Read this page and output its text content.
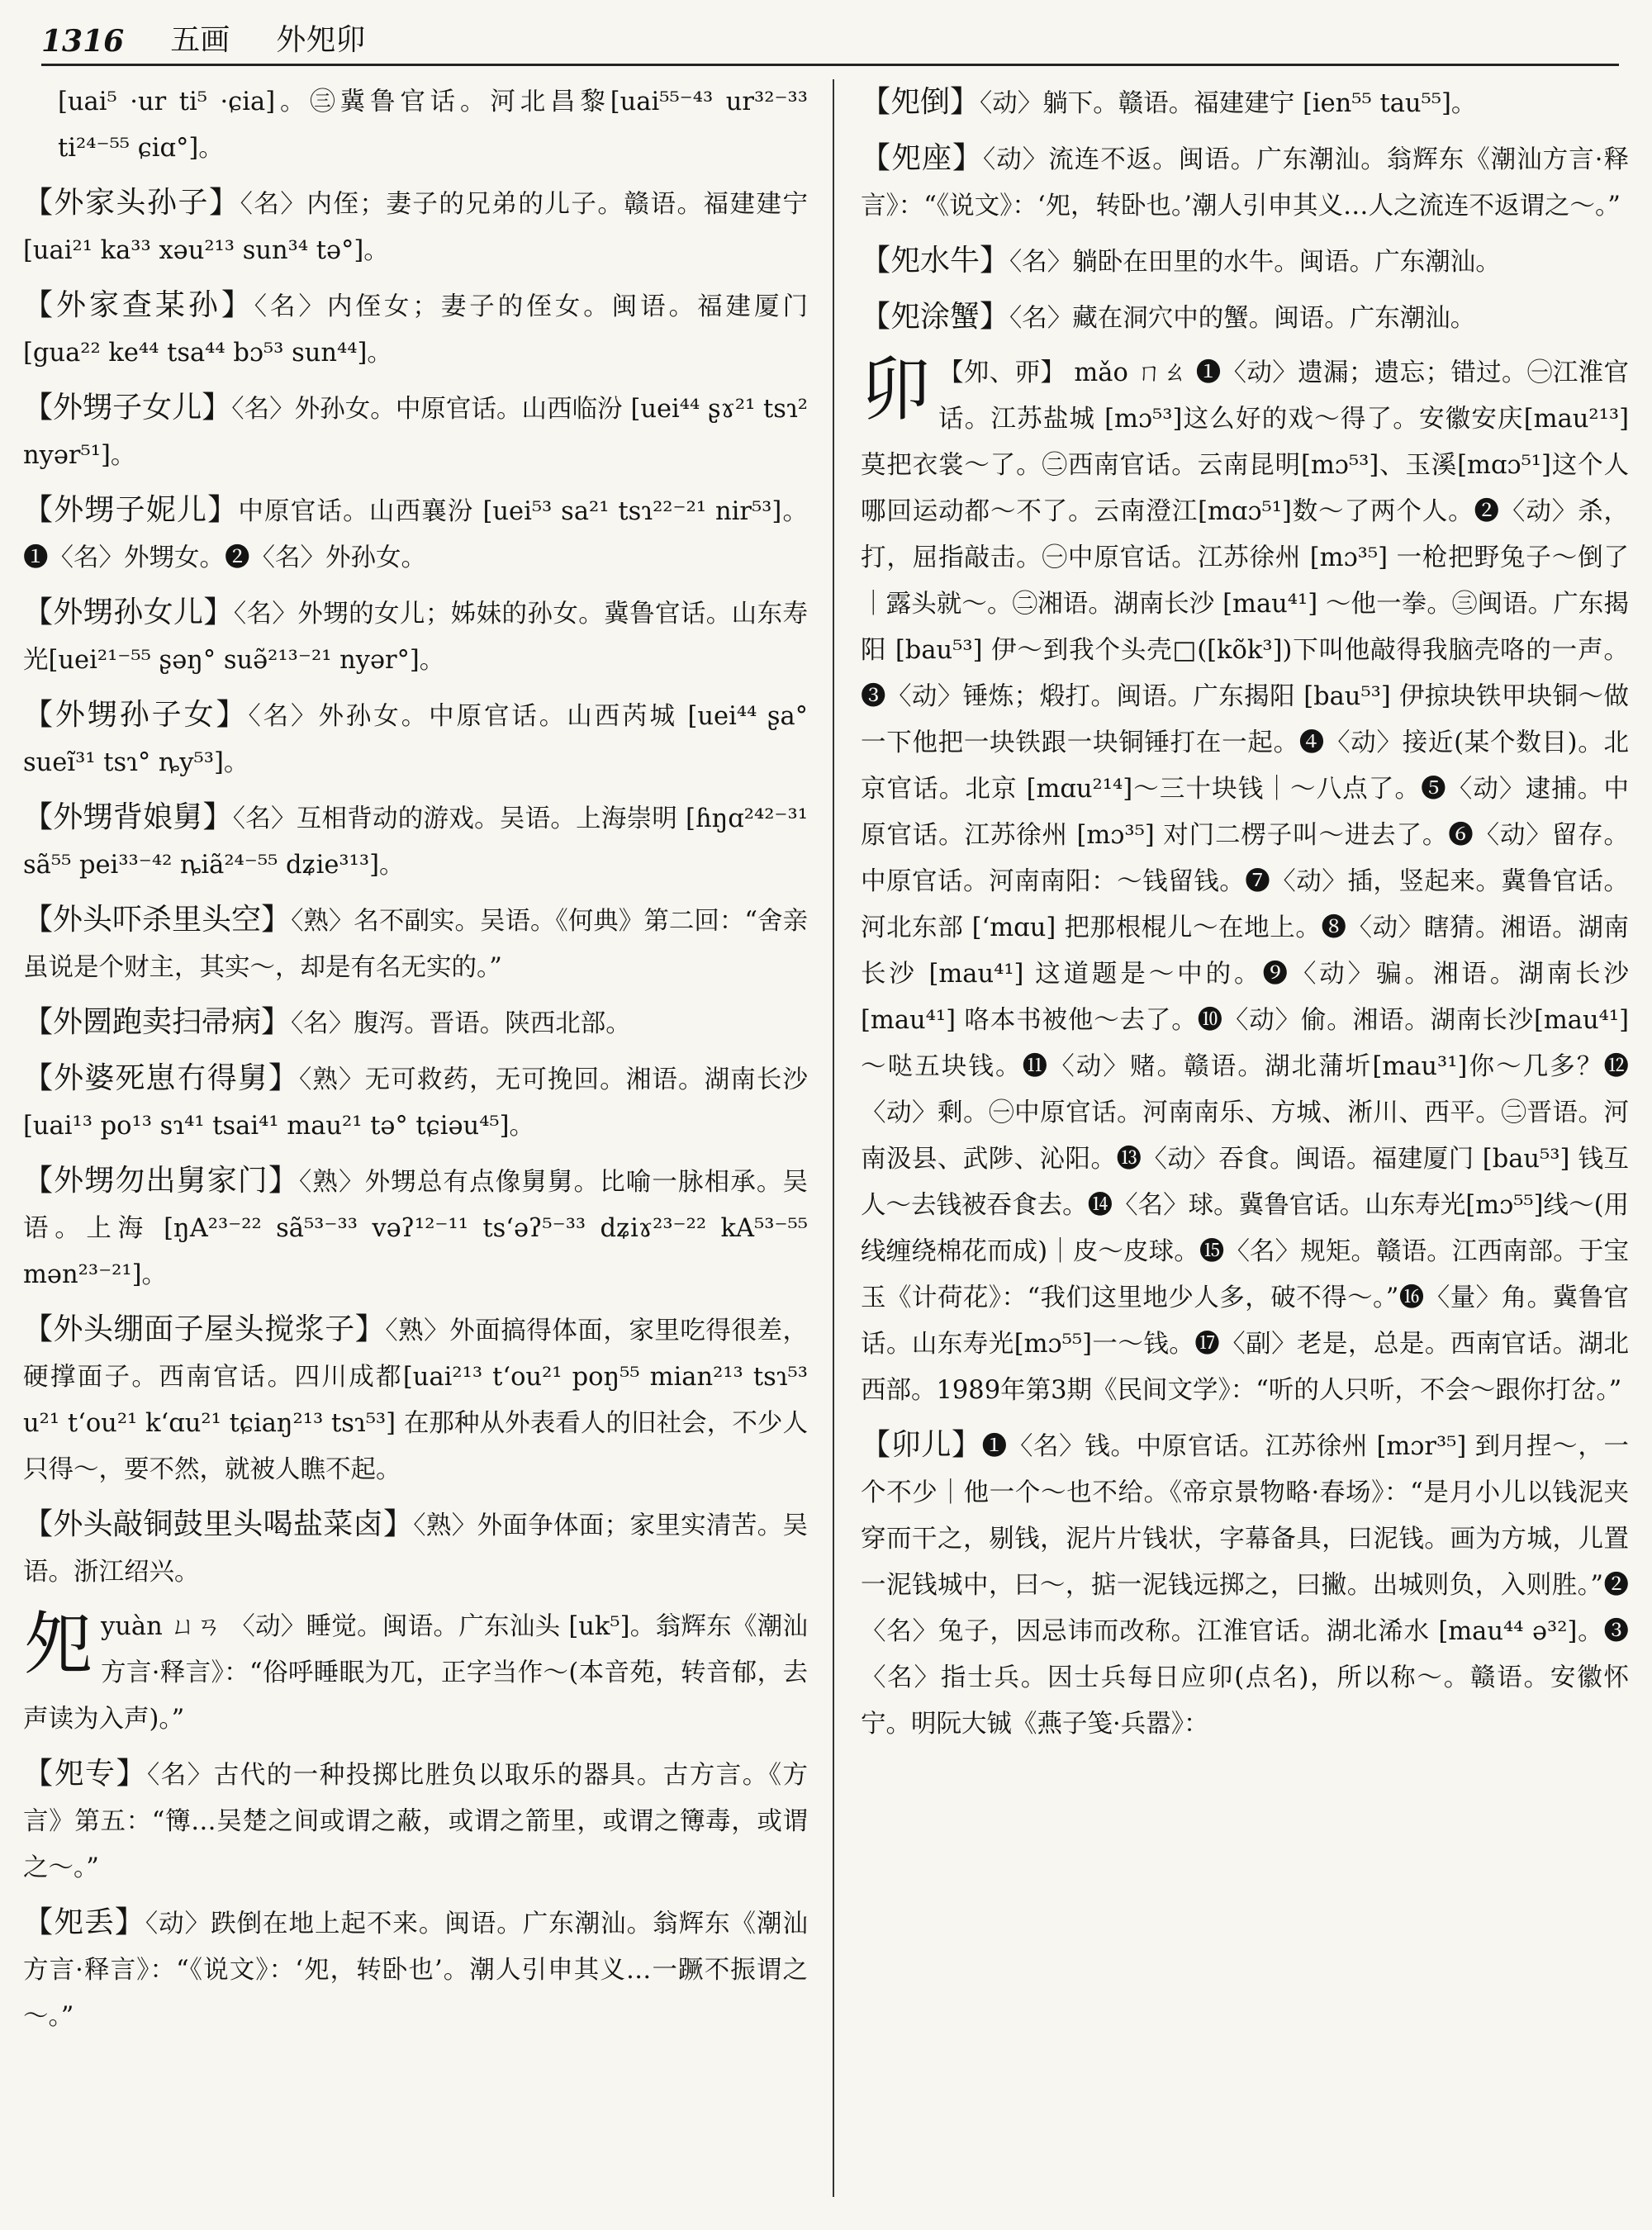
1316 五画 外夗卯
[uai⁵ ·ur ti⁵ ·ɕia]。㊂冀鲁官话。河北昌黎[uai⁵⁵⁻⁴³ ur³²⁻³³ ti²⁴⁻⁵⁵ ɕiɑ°]。
【外家头孙子】〈名〉内侄；妻子的兄弟的儿子。赣语。福建建宁 [uai²¹ ka³³ xəu²¹³ sun³⁴ tə°]。
【外家查某孙】〈名〉内侄女；妻子的侄女。闽语。福建厦门 [gua²² ke⁴⁴ tsa⁴⁴ bɔ⁵³ sun⁴⁴]。
【外甥子女儿】〈名〉外孙女。中原官话。山西临汾 [uei⁴⁴ ʂɤ²¹ tsɿ² nyər⁵¹]。
【外甥子妮儿】中原官话。山西襄汾 [uei⁵³ sa²¹ tsɿ²²⁻²¹ nir⁵³]。❶〈名〉外甥女。❷〈名〉外孙女。
【外甥孙女儿】〈名〉外甥的女儿；姊妹的孙女。冀鲁官话。山东寿光[uei²¹⁻⁵⁵ ʂəŋ° suə̃²¹³⁻²¹ nyər°]。
【外甥孙子女】〈名〉外孙女。中原官话。山西芮城 [uei⁴⁴ ʂa° sueĩ³¹ tsɿ° ȵy⁵³]。
【外甥背娘舅】〈名〉互相背动的游戏。吴语。上海崇明 [ɦŋɑ²⁴²⁻³¹ sã⁵⁵ pei³³⁻⁴² ȵiã²⁴⁻⁵⁵ dʑie³¹³]。
【外头吓杀里头空】〈熟〉名不副实。吴语。《何典》第二回：“舍亲虽说是个财主，其实～，却是有名无实的。”
【外圐跑卖扫帚病】〈名〉腹泻。晋语。陕西北部。
【外婆死崽冇得舅】〈熟〉无可救药，无可挽回。湘语。湖南长沙 [uai¹³ po¹³ sɿ⁴¹ tsai⁴¹ mau²¹ tə° tɕiəu⁴⁵]。
【外甥勿出舅家门】〈熟〉外甥总有点像舅舅。比喻一脉相承。吴语。上海 [ŋA²³⁻²² sã⁵³⁻³³ vəʔ¹²⁻¹¹ ts‘əʔ⁵⁻³³ dʑiɤ²³⁻²² kA⁵³⁻⁵⁵ mən²³⁻²¹]。
【外头绷面子屋头搅浆子】〈熟〉外面搞得体面，家里吃得很差，硬撑面子。西南官话。四川成都[uai²¹³ t‘ou²¹ poŋ⁵⁵ mian²¹³ tsɿ⁵³ u²¹ t‘ou²¹ k‘ɑu²¹ tɕiaŋ²¹³ tsɿ⁵³] 在那种从外表看人的旧社会，不少人只得～，要不然，就被人瞧不起。
【外头敲铜鼓里头喝盐菜卤】〈熟〉外面争体面；家里实清苦。吴语。浙江绍兴。
夗yuàn ㄩㄢ 〈动〉睡觉。闽语。广东汕头 [uk⁵]。翁辉东《潮汕方言·释言》：“俗呼睡眠为兀，正字当作～(本音苑，转音郁，去声读为入声)。”
【夗专】〈名〉古代的一种投掷比胜负以取乐的器具。古方言。《方言》第五：“簙…吴楚之间或谓之蔽，或谓之箭里，或谓之簙毒，或谓之～。”
【夗丢】〈动〉跌倒在地上起不来。闽语。广东潮汕。翁辉东《潮汕方言·释言》：“《说文》：‘夗，转卧也’。潮人引申其义…一蹶不振谓之～。”
【夗倒】〈动〉躺下。赣语。福建建宁 [ien⁵⁵ tau⁵⁵]。
【夗座】〈动〉流连不返。闽语。广东潮汕。翁辉东《潮汕方言·释言》：“《说文》：‘夗，转卧也。’潮人引申其义…人之流连不返谓之～。”
【夗水牛】〈名〉躺卧在田里的水牛。闽语。广东潮汕。
【夗涂蟹】〈名〉藏在洞穴中的蟹。闽语。广东潮汕。
卯 【夘、丣】 mǎo ㄇㄠ ❶〈动〉遗漏；遗忘；错过。㊀江淮官话。江苏盐城 [mɔ⁵³]这么好的戏～得了。安徽安庆[mau²¹³]莫把衣裳～了。㊁西南官话。云南昆明[mɔ⁵³]、玉溪[mɑɔ⁵¹]这个人哪回运动都～不了。云南澄江[mɑɔ⁵¹]数～了两个人。❷〈动〉杀，打，屈指敲击。㊀中原官话。江苏徐州 [mɔ³⁵] 一枪把野兔子～倒了｜露头就～。㊁湘语。湖南长沙 [mau⁴¹] ～他一拳。㊂闽语。广东揭阳 [bau⁵³] 伊～到我个头壳□([kõk³])下叫他敲得我脑壳咯的一声。❸〈动〉锤炼；煅打。闽语。广东揭阳 [bau⁵³] 伊掠块铁甲块铜～做一下他把一块铁跟一块铜锤打在一起。❹〈动〉接近(某个数目)。北京官话。北京 [mɑu²¹⁴]～三十块钱｜～八点了。❺〈动〉逮捕。中原官话。江苏徐州 [mɔ³⁵] 对门二楞子叫～进去了。❻〈动〉留存。中原官话。河南南阳：～钱留钱。❼〈动〉插，竖起来。冀鲁官话。河北东部 [‘mɑu] 把那根棍儿～在地上。❽〈动〉瞎猜。湘语。湖南长沙 [mau⁴¹] 这道题是～中的。❾〈动〉骗。湘语。湖南长沙[mau⁴¹] 咯本书被他～去了。❿〈动〉偷。湘语。湖南长沙[mau⁴¹]～哒五块钱。⓫〈动〉赌。赣语。湖北蒲圻[mau³¹]你～几多？⓬〈动〉剩。㊀中原官话。河南南乐、方城、淅川、西平。㊁晋语。河南汲县、武陟、沁阳。⓭〈动〉吞食。闽语。福建厦门 [bau⁵³] 钱互人～去钱被吞食去。⓮〈名〉球。冀鲁官话。山东寿光[mɔ⁵⁵]线～(用线缠绕棉花而成)｜皮～皮球。⓯〈名〉规矩。赣语。江西南部。于宝玉《计荷花》：“我们这里地少人多，破不得～。”⓰〈量〉角。冀鲁官话。山东寿光[mɔ⁵⁵]一～钱。⓱〈副〉老是，总是。西南官话。湖北西部。1989年第3期《民间文学》：“听的人只听，不会～跟你打岔。”
【卯儿】❶〈名〉钱。中原官话。江苏徐州 [mɔr³⁵] 到月捏～，一个不少｜他一个～也不给。《帝京景物略·春场》：“是月小儿以钱泥夹穿而干之，剔钱，泥片片钱状，字幕备具，曰泥钱。画为方城，儿置一泥钱城中，曰～，掂一泥钱远掷之，曰撇。出城则负，入则胜。”❷〈名〉兔子，因忌讳而改称。江淮官话。湖北浠水 [mau⁴⁴ ə³²]。❸〈名〉指士兵。因士兵每日应卯(点名)，所以称～。赣语。安徽怀宁。明阮大铖《燕子笺·兵嚣》：
